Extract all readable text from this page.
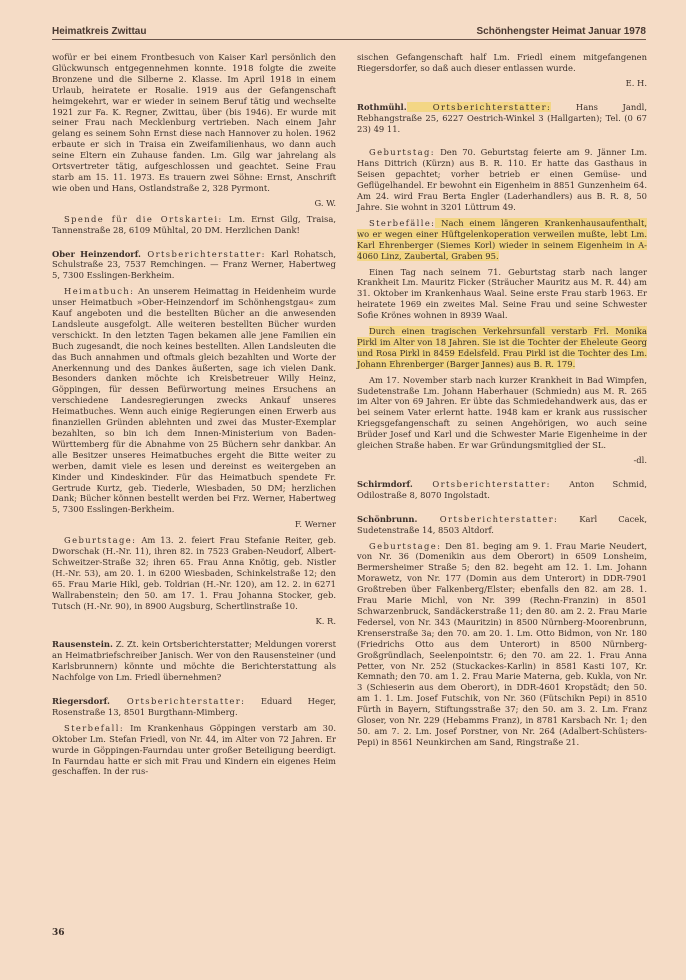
Heimatkreis Zwittau	Schönhengster Heimat Januar 1978

wofür er bei einem Frontbesuch von Kaiser Karl persönlich den Glückwunsch entgegennehmen konnte. 1918 folgte die zweite Bronzene und die Silberne 2. Klasse. Im April 1918 in einem Urlaub, heiratete er Rosalie. 1919 aus der Gefangenschaft heimgekehrt, war er wieder in seinem Beruf tätig und wechselte 1921 zur Fa. K. Regner, Zwittau, über (bis 1946). Er wurde mit seiner Frau nach Mecklenburg vertrieben. Nach einem Jahr gelang es seinem Sohn Ernst diese nach Hannover zu holen. 1962 erbaute er sich in Traisa ein Zweifamilienhaus, wo dann auch seine Eltern ein Zuhause fanden. Lm. Gilg war jahrelang als Ortsvertreter tätig, aufgeschlossen und geachtet. Seine Frau starb am 15. 11. 1973. Es trauern zwei Söhne: Ernst, Anschrift wie oben und Hans, Ostlandstraße 2, 328 Pyrmont.

G. W.

Spende für die Ortskartei: Lm. Ernst Gilg, Traisa, Tannenstraße 28, 6109 Mühltal, 20 DM. Herzlichen Dank!

Ober Heinzendorf. Ortsberichterstatter: Karl Rohatsch, Schulstraße 23, 7537 Remchingen. — Franz Werner, Habertweg 5, 7300 Esslingen-Berkheim.

Heimatbuch: An unserem Heimattag in Heidenheim wurde unser Heimatbuch »Ober-Heinzendorf im Schönhengstgau« zum Kauf angeboten und die bestellten Bücher an die anwesenden Landsleute ausgefolgt. Alle weiteren bestellten Bücher wurden verschickt. In den letzten Tagen bekamen alle jene Familien ein Buch zugesandt, die noch keines bestellten. Allen Landsleuten die das Buch annahmen und oftmals gleich bezahlten und Worte der Anerkennung und des Dankes äußerten, sage ich vielen Dank. Besonders danken möchte ich Kreisbetreuer Willy Heinz, Göppingen, für dessen Befürwortung meines Ersuchens an verschiedene Landesregierungen zwecks Ankauf unseres Heimatbuches. Wenn auch einige Regierungen einen Erwerb aus finanziellen Gründen ablehnten und zwei das Muster-Exemplar bezahlten, so bin ich dem Innen-Ministerium von Baden-Württemberg für die Abnahme von 25 Büchern sehr dankbar. An alle Besitzer unseres Heimatbuches ergeht die Bitte weiter zu werben, damit viele es lesen und dereinst es weitergeben an Kinder und Kindeskinder. Für das Heimatbuch spendete Fr. Gertrude Kurtz, geb. Tiederle, Wiesbaden, 50 DM; herzlichen Dank; Bücher können bestellt werden bei Frz. Werner, Habertweg 5, 7300 Esslingen-Berkheim.

F. Werner

Geburtstage: Am 13. 2. feiert Frau Stefanie Reiter, geb. Dworschak (H.-Nr. 11), ihren 82. in 7523 Graben-Neudorf, Albert-Schweitzer-Straße 32; ihren 65. Frau Anna Knötig, geb. Nistler (H.-Nr. 53), am 20. 1. in 6200 Wiesbaden, Schinkelstraße 12; den 65. Frau Marie Hikl, geb. Toldrian (H.-Nr. 120), am 12. 2. in 6271 Wallrabenstein; den 50. am 17. 1. Frau Johanna Stocker, geb. Tutsch (H.-Nr. 90), in 8900 Augsburg, Schertlinstraße 10.

K. R.

Rausenstein. Z. Zt. kein Ortsberichterstatter; Meldungen vorerst an Heimatbriefschreiber Janisch. Wer von den Rausensteiner (und Karlsbrunnern) könnte und möchte die Berichterstattung als Nachfolge von Lm. Friedl übernehmen?

Riegersdorf. Ortsberichterstatter: Eduard Heger, Rosenstraße 13, 8501 Burgthann-Mimberg.

Sterbefall: Im Krankenhaus Göppingen verstarb am 30. Oktober Lm. Stefan Friedl, von Nr. 44, im Alter von 72 Jahren. Er wurde in Göppingen-Faurndau unter großer Beteiligung beerdigt. In Faurndau hatte er sich mit Frau und Kindern ein eigenes Heim geschaffen. In der rus-

sischen Gefangenschaft half Lm. Friedl einem mitgefangenen Riegersdorfer, so daß auch dieser entlassen wurde.

E. H.

Rothmühl. Ortsberichterstatter: Hans Jandl, Rebhangstraße 25, 6227 Oestrich-Winkel 3 (Hallgarten); Tel. (0 67 23) 49 11.

Geburtstag: Den 70. Geburtstag feierte am 9. Jänner Lm. Hans Dittrich (Kürzn) aus B. R. 110. Er hatte das Gasthaus in Seisen gepachtet; vorher betrieb er einen Gemüse- und Geflügelhandel. Er bewohnt ein Eigenheim in 8851 Gunzenheim 64. Am 24. wird Frau Berta Engler (Laderhandlers) aus B. R. 8, 50 Jahre. Sie wohnt in 3201 Lüttrum 49.

Sterbefälle: Nach einem längeren Krankenhausaufenthalt, wo er wegen einer Hüftgelenkoperation verweilen mußte, lebt Lm. Karl Ehrenberger (Siemes Korl) wieder in seinem Eigenheim in A-4060 Linz, Zaubertal, Graben 95.

Einen Tag nach seinem 71. Geburtstag starb nach langer Krankheit Lm. Mauritz Ficker (Sträucher Mauritz aus M. R. 44) am 31. Oktober im Krankenhaus Waal. Seine erste Frau starb 1963. Er heiratete 1969 ein zweites Mal. Seine Frau und seine Schwester Sofie Krönes wohnen in 8939 Waal.

Durch einen tragischen Verkehrsunfall verstarb Frl. Monika Pirkl im Alter von 18 Jahren. Sie ist die Tochter der Eheleute Georg und Rosa Pirkl in 8459 Edelsfeld. Frau Pirkl ist die Tochter des Lm. Johann Ehrenberger (Barger Jannes) aus B. R. 179.

Am 17. November starb nach kurzer Krankheit in Bad Wimpfen, Sudetenstraße Lm. Johann Haberhauer (Schmiedn) aus M. R. 265 im Alter von 69 Jahren. Er übte das Schmiedehandwerk aus, das er bei seinem Vater erlernt hatte. 1948 kam er krank aus russischer Kriegsgefangenschaft zu seinen Angehörigen, wo auch seine Brüder Josef und Karl und die Schwester Marie Eigenheime in der gleichen Straße haben. Er war Gründungsmitglied der SL.

-dl.

Schirmdorf. Ortsberichterstatter: Anton Schmid, Odilostraße 8, 8070 Ingolstadt.

Schönbrunn. Ortsberichterstatter: Karl Cacek, Sudetenstraße 14, 8503 Altdorf.

Geburtstage: Den 81. beging am 9. 1. Frau Marie Neudert, von Nr. 36 (Domenikin aus dem Oberort) in 6509 Lonsheim, Bermersheimer Straße 5; den 82. begeht am 12. 1. Lm. Johann Morawetz, von Nr. 177 (Domin aus dem Unterort) in DDR-7901 Großtreben über Falkenberg/Elster; ebenfalls den 82. am 28. 1. Frau Marie Michl, von Nr. 399 (Rechn-Franzin) in 8501 Schwarzenbruck, Sandäckerstraße 11; den 80. am 2. 2. Frau Marie Federsel, von Nr. 343 (Mauritzin) in 8500 Nürnberg-Moorenbrunn, Krenserstraße 3a; den 70. am 20. 1. Lm. Otto Bidmon, von Nr. 180 (Friedrichs Otto aus dem Unterort) in 8500 Nürnberg-Großgründlach, Seelenpointstr. 6; den 70. am 22. 1. Frau Anna Petter, von Nr. 252 (Stuckackes-Karlin) in 8581 Kasti 107, Kr. Kemnath; den 70. am 1. 2. Frau Marie Materna, geb. Kukla, von Nr. 3 (Schieserin aus dem Oberort), in DDR-4601 Kropstädt; den 50. am 1. 1. Lm. Josef Futschik, von Nr. 360 (Fütschikn Pepi) in 8510 Fürth in Bayern, Stiftungsstraße 37; den 50. am 3. 2. Lm. Franz Gloser, von Nr. 229 (Hebamms Franz), in 8781 Karsbach Nr. 1; den 50. am 7. 2. Lm. Josef Porstner, von Nr. 264 (Adalbert-Schüsters-Pepi) in 8561 Neunkirchen am Sand, Ringstraße 21.

36
